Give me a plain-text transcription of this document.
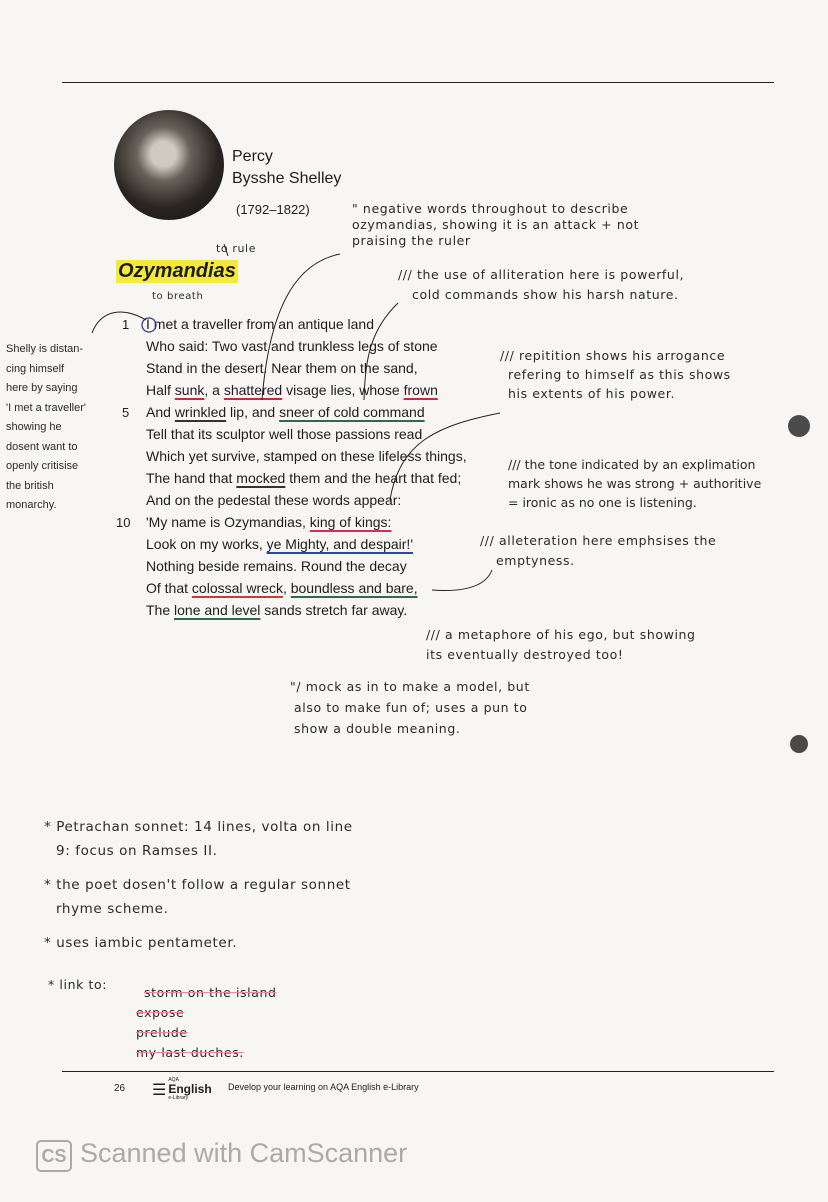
Percy
Bysshe Shelley
(1792–1822)
Ozymandias
to rule
to breath
1
5
10
I met a traveller from an antique land
Who said: Two vast and trunkless legs of stone
Stand in the desert. Near them on the sand,
Half sunk, a shattered visage lies, whose frown
And wrinkled lip, and sneer of cold command
Tell that its sculptor well those passions read
Which yet survive, stamped on these lifeless things,
The hand that mocked them and the heart that fed;
And on the pedestal these words appear:
'My name is Ozymandias, king of kings:
Look on my works, ye Mighty, and despair!'
Nothing beside remains. Round the decay
Of that colossal wreck, boundless and bare,
The lone and level sands stretch far away.
Shelly is distan-
cing himself
here by saying
'I met a traveller'
showing he
dosent want to
openly critisise
the british
monarchy.
" negative words throughout to describe
ozymandias, showing it is an attack + not
praising the ruler
/// the use of alliteration here is powerful,
cold commands show his harsh nature.
/// repitition shows his arrogance
refering to himself as this shows
his extents of his power.
/// the tone indicated by an explimation
mark shows he was strong + authoritive
= ironic as no one is listening.
/// alleteration here emphsises the
emptyness.
/// a metaphore of his ego, but showing
its eventually destroyed too!
"/ mock as in to make a model, but
also to make fun of; uses a pun to
show a double meaning.
* Petrachan sonnet: 14 lines, volta on line
9: focus on Ramses II.
* the poet dosen't follow a regular sonnet
rhyme scheme.
* uses iambic pentameter.
* link to:
storm on the island
expose
prelude
my last duches.
26 ☰
AQA
English
e-Library
Develop your learning on AQA English e-Library
CS Scanned with CamScanner
